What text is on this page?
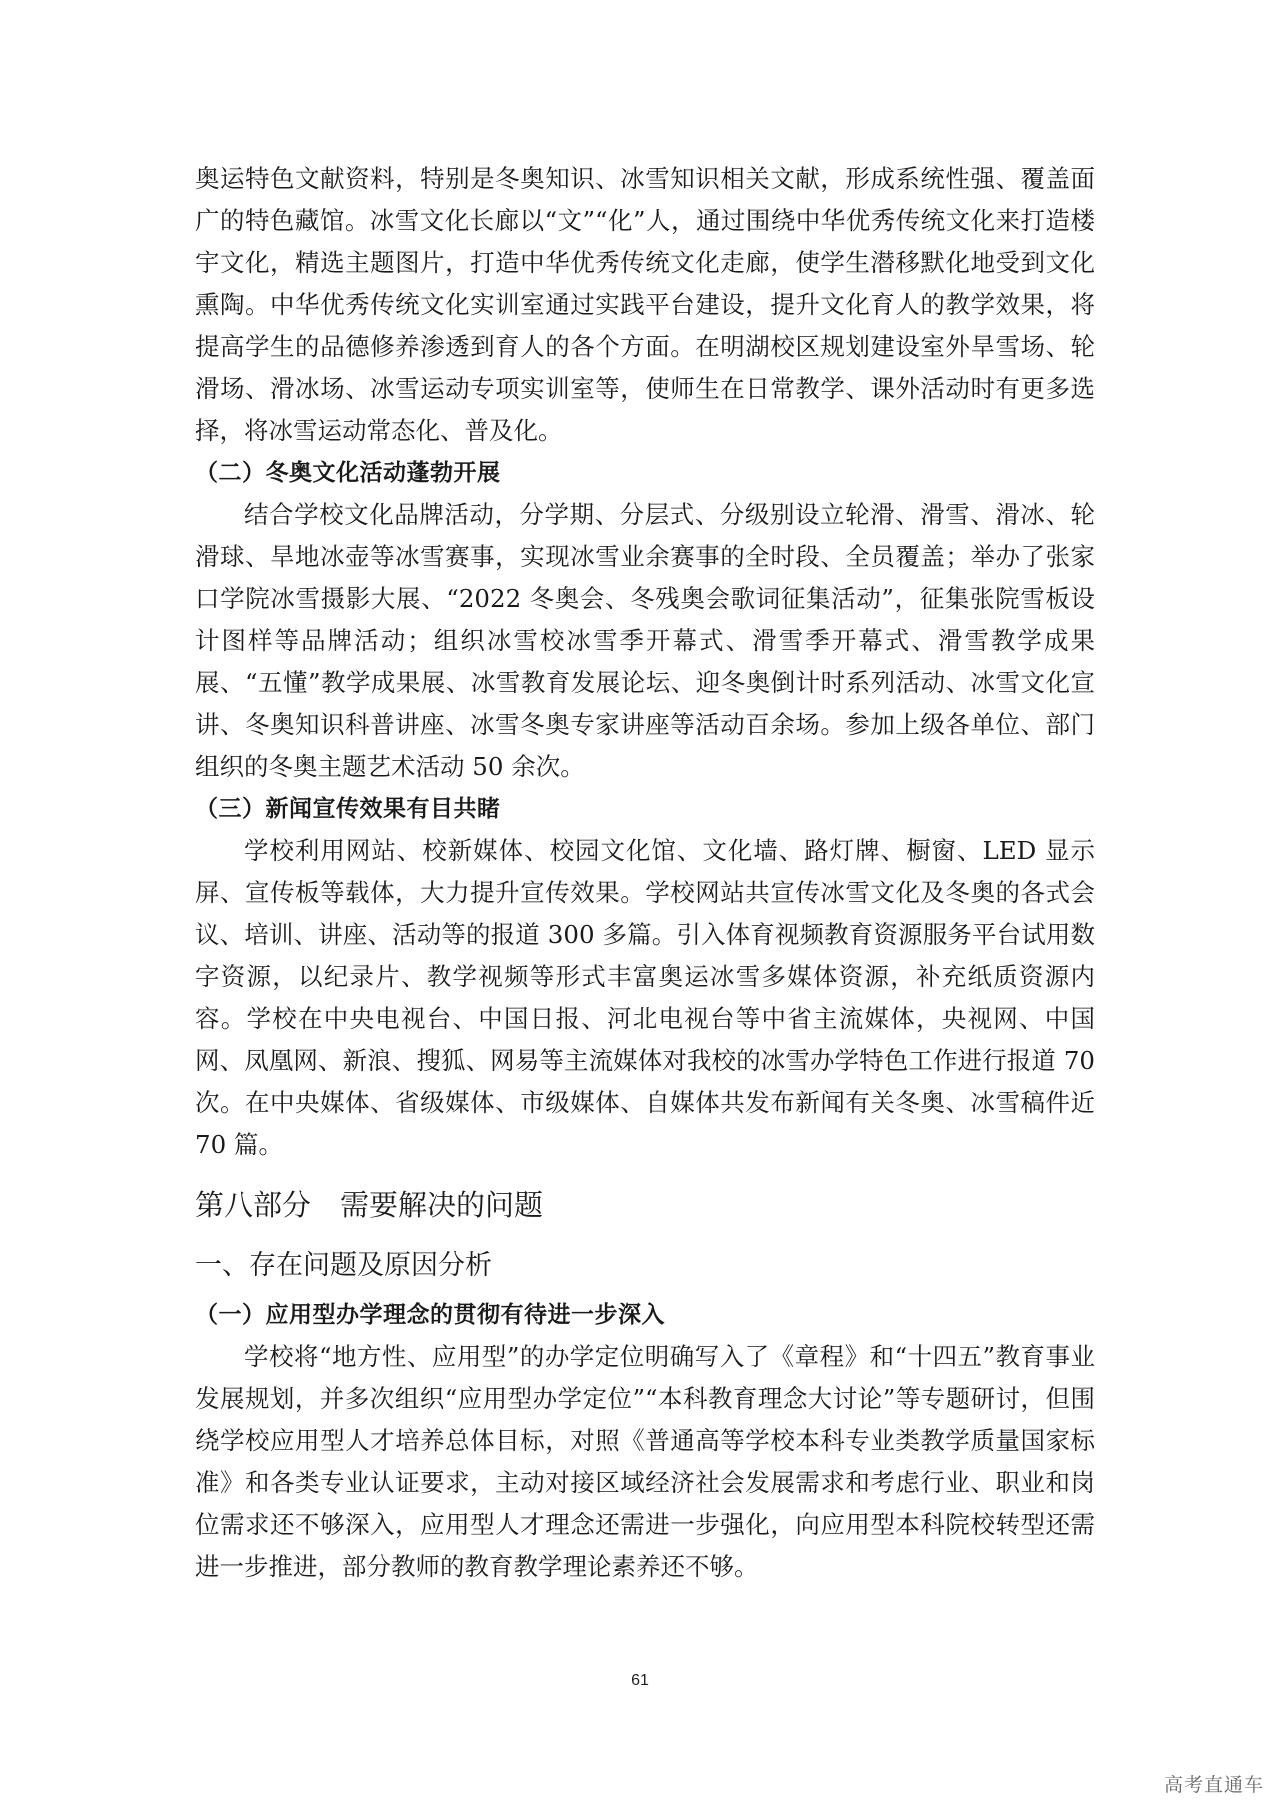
奥运特色文献资料，特别是冬奥知识、冰雪知识相关文献，形成系统性强、覆盖面广的特色藏馆。冰雪文化长廊以“文”“化”人，通过围绕中华优秀传统文化来打造楼宇文化，精选主题图片，打造中华优秀传统文化走廊，使学生潜移默化地受到文化熏陶。中华优秀传统文化实训室通过实践平台建设，提升文化育人的教学效果，将提高学生的品德修养渗透到育人的各个方面。在明湖校区规划建设室外旱雪场、轮滑场、滑冰场、冰雪运动专项实训室等，使师生在日常教学、课外活动时有更多选择，将冰雪运动常态化、普及化。

（二）冬奥文化活动蓬勃开展

结合学校文化品牌活动，分学期、分层式、分级别设立轮滑、滑雪、滑冰、轮滑球、旱地冰壶等冰雪赛事，实现冰雪业余赛事的全时段、全员覆盖；举办了张家口学院冰雪摄影大展、“2022 冬奥会、冬残奥会歌词征集活动”，征集张院雪板设计图样等品牌活动；组织冰雪校冰雪季开幕式、滑雪季开幕式、滑雪教学成果展、“五懂”教学成果展、冰雪教育发展论坛、迎冬奥倒计时系列活动、冰雪文化宣讲、冬奥知识科普讲座、冰雪冬奥专家讲座等活动百余场。参加上级各单位、部门组织的冬奥主题艺术活动 50 余次。

（三）新闻宣传效果有目共睹

学校利用网站、校新媒体、校园文化馆、文化墙、路灯牌、橱窗、LED 显示屏、宣传板等载体，大力提升宣传效果。学校网站共宣传冰雪文化及冬奥的各式会议、培训、讲座、活动等的报道 300 多篇。引入体育视频教育资源服务平台试用数字资源，以纪录片、教学视频等形式丰富奥运冰雪多媒体资源，补充纸质资源内容。学校在中央电视台、中国日报、河北电视台等中省主流媒体，央视网、中国网、凤凰网、新浪、搜狐、网易等主流媒体对我校的冰雪办学特色工作进行报道 70 次。在中央媒体、省级媒体、市级媒体、自媒体共发布新闻有关冬奥、冰雪稿件近 70 篇。

第八部分　需要解决的问题
一、存在问题及原因分析

（一）应用型办学理念的贯彻有待进一步深入

学校将“地方性、应用型”的办学定位明确写入了《章程》和“十四五”教育事业发展规划，并多次组织“应用型办学定位”“本科教育理念大讨论”等专题研讨，但围绕学校应用型人才培养总体目标，对照《普通高等学校本科专业类教学质量国家标准》和各类专业认证要求，主动对接区域经济社会发展需求和考虑行业、职业和岗位需求还不够深入，应用型人才理念还需进一步强化，向应用型本科院校转型还需进一步推进，部分教师的教育教学理论素养还不够。

61
高考直通车
